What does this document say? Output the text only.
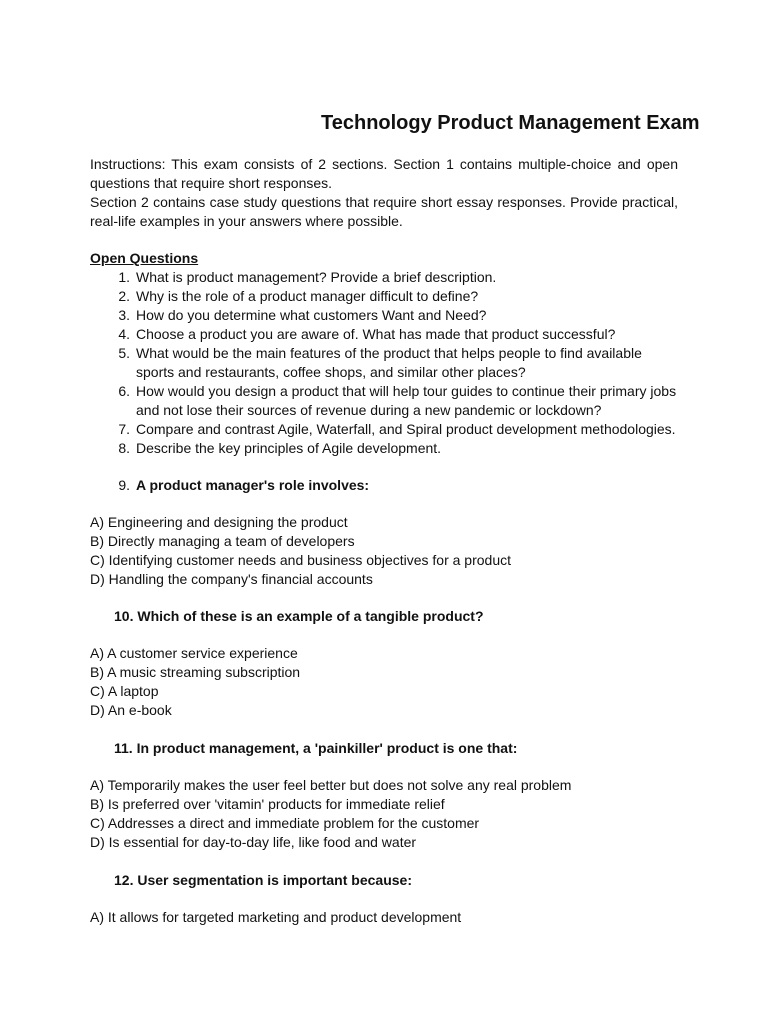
Technology Product Management Exam

Instructions: This exam consists of 2 sections. Section 1 contains multiple-choice and open questions that require short responses.

Section 2 contains case study questions that require short essay responses. Provide practical, real-life examples in your answers where possible.

Open Questions
1. What is product management? Provide a brief description.
2. Why is the role of a product manager difficult to define?
3. How do you determine what customers Want and Need?
4. Choose a product you are aware of. What has made that product successful?
5. What would be the main features of the product that helps people to find available sports and restaurants, coffee shops, and similar other places?
6. How would you design a product that will help tour guides to continue their primary jobs and not lose their sources of revenue during a new pandemic or lockdown?
7. Compare and contrast Agile, Waterfall, and Spiral product development methodologies.
8. Describe the key principles of Agile development.
9. A product manager's role involves:
A) Engineering and designing the product
B) Directly managing a team of developers
C) Identifying customer needs and business objectives for a product
D) Handling the company's financial accounts
10. Which of these is an example of a tangible product?
A) A customer service experience
B) A music streaming subscription
C) A laptop
D) An e-book
11. In product management, a 'painkiller' product is one that:
A) Temporarily makes the user feel better but does not solve any real problem
B) Is preferred over 'vitamin' products for immediate relief
C) Addresses a direct and immediate problem for the customer
D) Is essential for day-to-day life, like food and water
12. User segmentation is important because:
A) It allows for targeted marketing and product development
